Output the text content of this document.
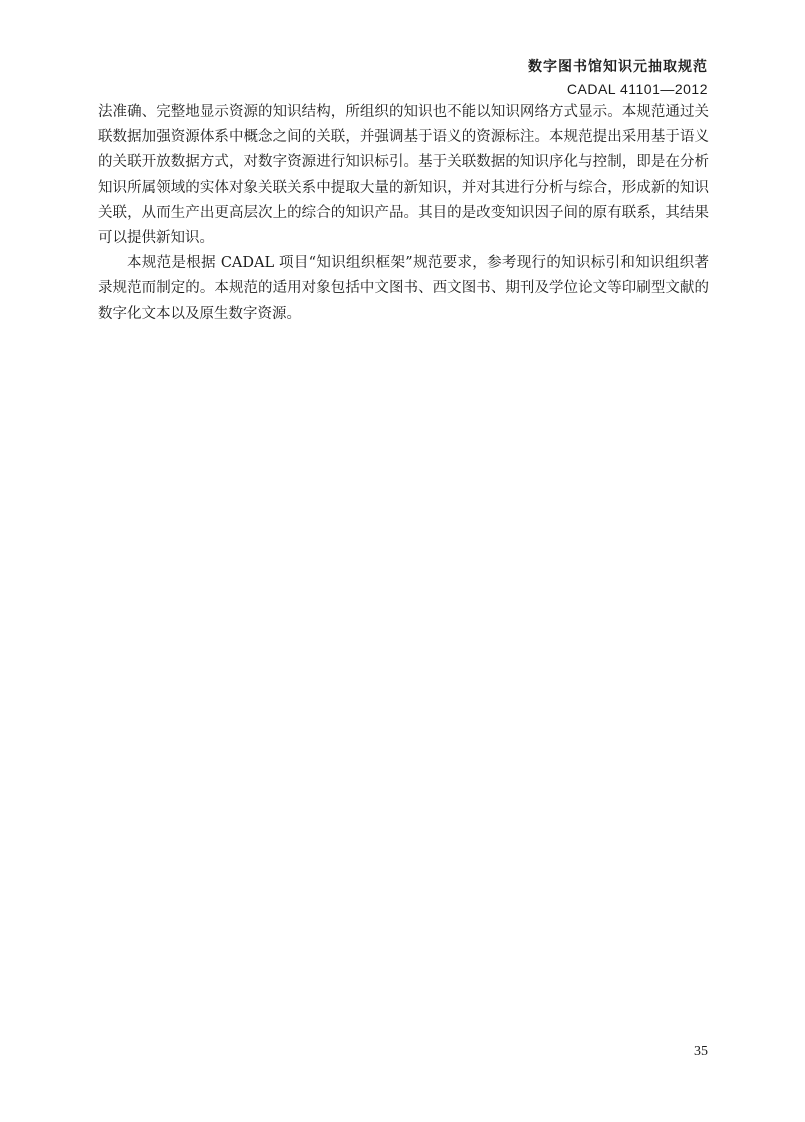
数字图书馆知识元抽取规范
CADAL 41101—2012

法准确、完整地显示资源的知识结构，所组织的知识也不能以知识网络方式显示。本规范通过关联数据加强资源体系中概念之间的关联，并强调基于语义的资源标注。本规范提出采用基于语义的关联开放数据方式，对数字资源进行知识标引。基于关联数据的知识序化与控制，即是在分析知识所属领域的实体对象关联关系中提取大量的新知识，并对其进行分析与综合，形成新的知识关联，从而生产出更高层次上的综合的知识产品。其目的是改变知识因子间的原有联系，其结果可以提供新知识。

本规范是根据 CADAL 项目“知识组织框架”规范要求，参考现行的知识标引和知识组织著录规范而制定的。本规范的适用对象包括中文图书、西文图书、期刊及学位论文等印刷型文献的数字化文本以及原生数字资源。

35
